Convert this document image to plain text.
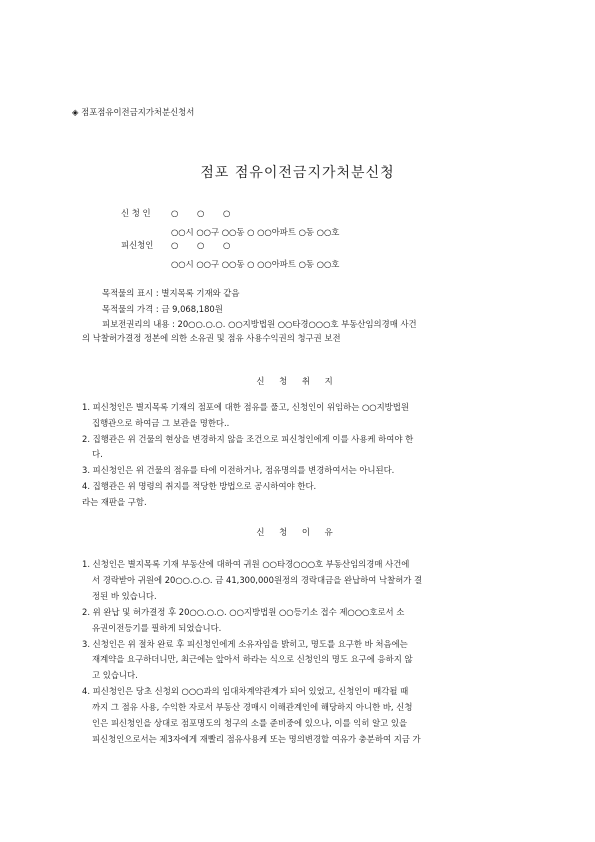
◈ 점포점유이전금지가처분신청서
점포 점유이전금지가처분신청
신 청 인	○ ○ ○
○○시 ○○구 ○○동 ○ ○○아파트 ○동 ○○호
피신청인	○ ○ ○
○○시 ○○구 ○○동 ○ ○○아파트 ○동 ○○호
목적물의 표시 : 별지목록 기재와 같음
목적물의 가격 : 금 9,068,180원
피보전권리의 내용 : 20○○.○.○. ○○지방법원 ○○타경○○○호 부동산임의경매 사건
의 낙찰허가결정 정본에 의한 소유권 및 점유 사용수익권의 청구권 보전
신 청 취 지

1. 피신청인은 별지목록 기재의 점포에 대한 점유를 풀고, 신청인이 위임하는 ○○지방법원

집행관으로 하여금 그 보관을 명한다..

2. 집행관은 위 건물의 현상을 변경하지 않을 조건으로 피신청인에게 이를 사용케 하여야 한

다.

3. 피신청인은 위 건물의 점유를 타에 이전하거나, 점유명의를 변경하여서는 아니된다.

4. 집행관은 위 명령의 취지를 적당한 방법으로 공시하여야 한다.

라는 재판을 구함.

신 청 이 유

1. 신청인은 별지목록 기재 부동산에 대하여 귀원 ○○타경○○○호 부동산임의경매 사건에

서 경락받아 귀원에 20○○.○.○. 금 41,300,000원정의 경락대금을 완납하여 낙찰허가 결

정된 바 있습니다.

2. 위 완납 및 허가결정 후 20○○.○.○. ○○지방법원 ○○등기소 접수 제○○○호로서 소

유권이전등기를 필하게 되었습니다.

3. 신청인은 위 절차 완료 후 피신청인에게 소유자임을 밝히고, 명도를 요구한 바 처음에는

재계약을 요구하더니만, 최근에는 앞아서 하라는 식으로 신청인의 명도 요구에 응하지 않

고 있습니다.

4. 피신청인은 당초 신청외 ○○○과의 임대차계약관계가 되어 있었고, 신청인이 매각될 때

까지 그 점유 사용, 수익한 자로서 부동산 경매시 이해관계인에 해당하지 아니한 바, 신청

인은 피신청인을 상대로 점포명도의 청구의 소를 준비중에 있으나, 이를 익히 알고 있을

피신청인으로서는 제3자에게 재빨리 점유사용케 또는 명의변경할 여유가 충분하여 지금 가
